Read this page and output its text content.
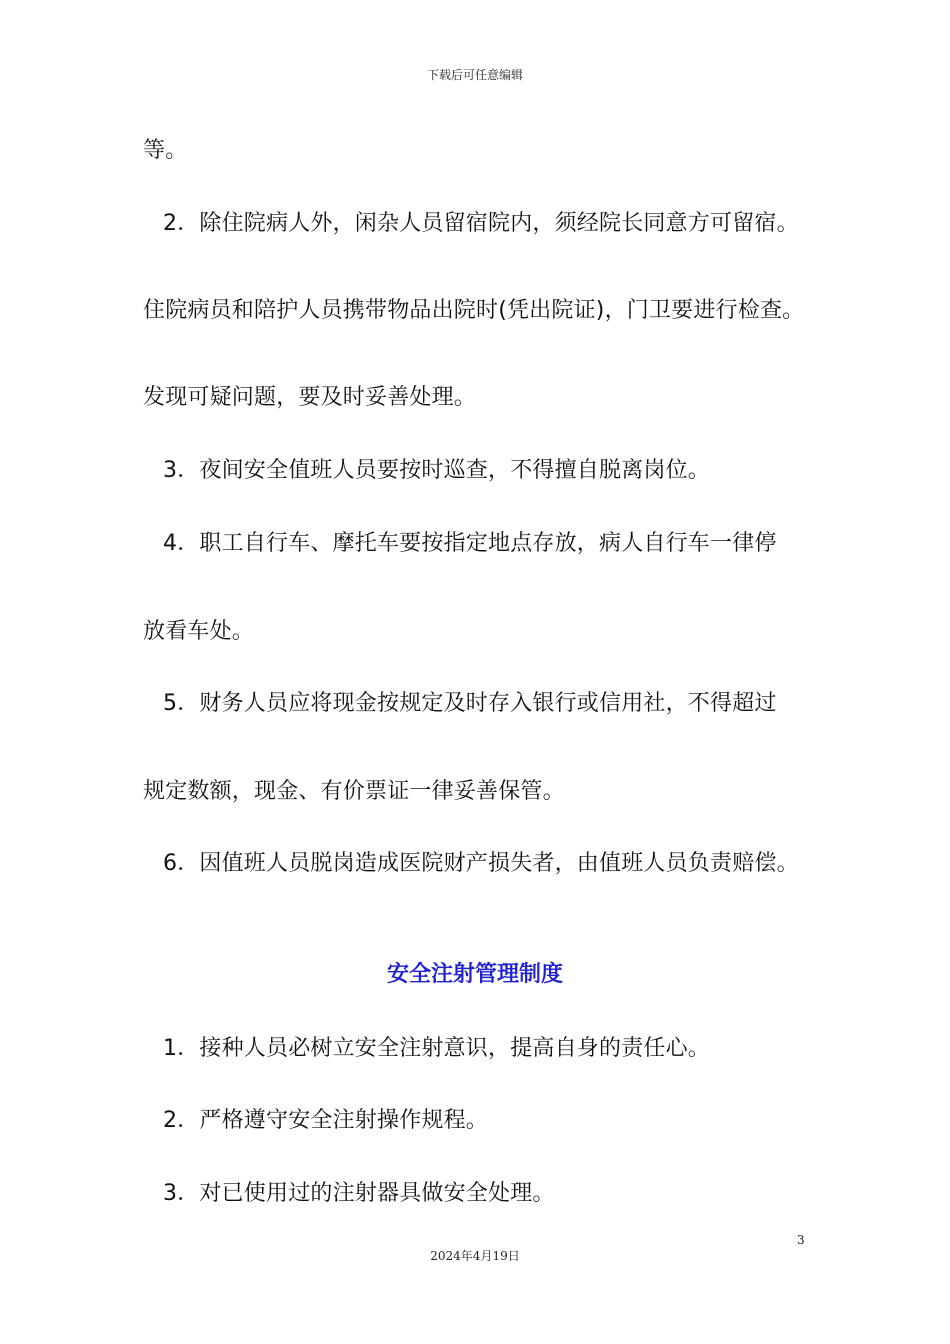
下载后可任意编辑
等。
2．除住院病人外，闲杂人员留宿院内，须经院长同意方可留宿。
住院病员和陪护人员携带物品出院时(凭出院证)，门卫要进行检查。
发现可疑问题，要及时妥善处理。
3．夜间安全值班人员要按时巡查，不得擅自脱离岗位。
4．职工自行车、摩托车要按指定地点存放，病人自行车一律停
放看车处。
5．财务人员应将现金按规定及时存入银行或信用社，不得超过
规定数额，现金、有价票证一律妥善保管。
6．因值班人员脱岗造成医院财产损失者，由值班人员负责赔偿。
安全注射管理制度
1．接种人员必树立安全注射意识，提高自身的责任心。
2．严格遵守安全注射操作规程。
3．对已使用过的注射器具做安全处理。
3
2024年4月19日
